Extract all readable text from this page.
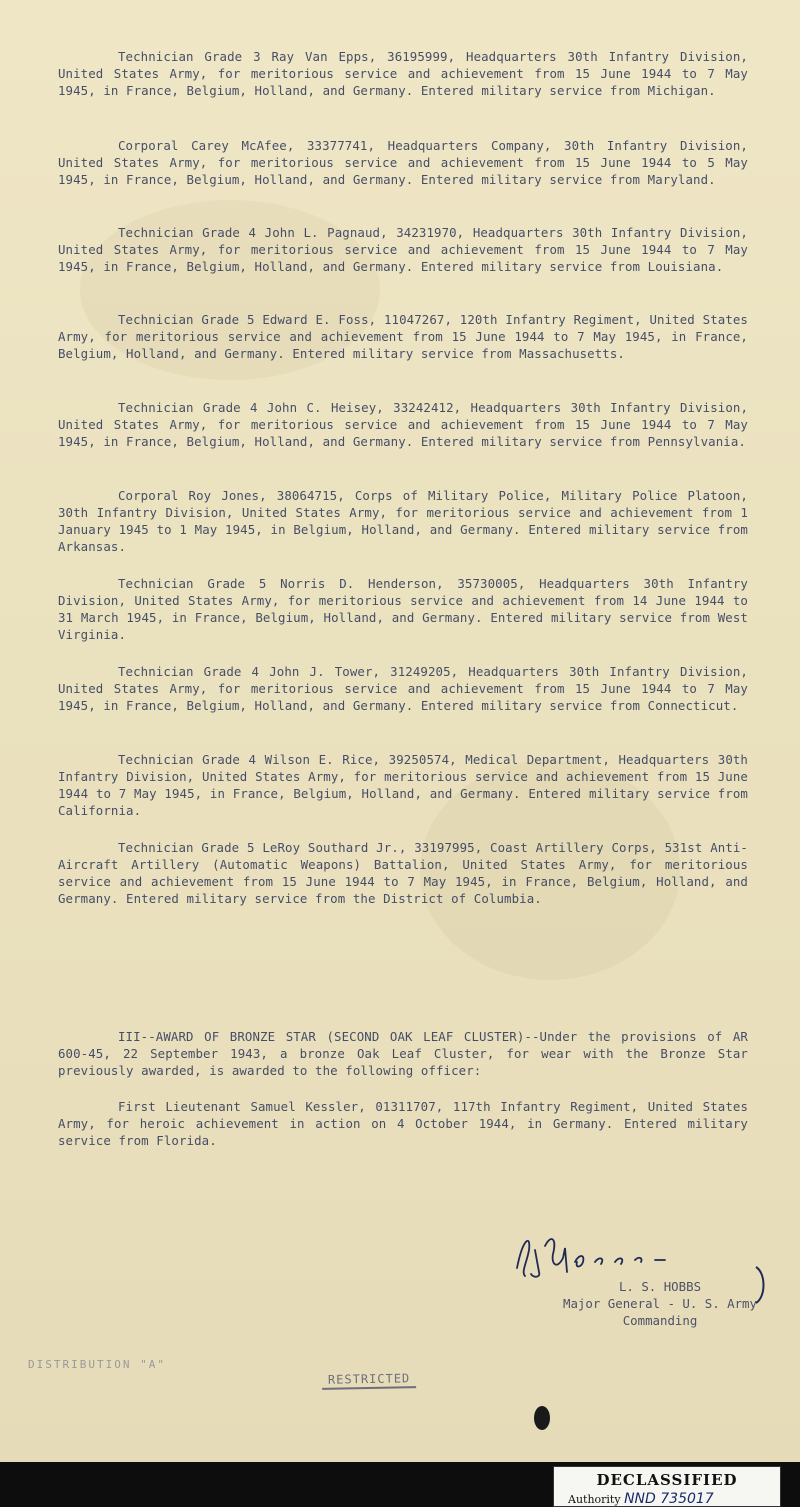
Technician Grade 3 Ray Van Epps, 36195999, Headquarters 30th Infantry Division, United States Army, for meritorious service and achievement from 15 June 1944 to 7 May 1945, in France, Belgium, Holland, and Germany. Entered military service from Michigan.

Corporal Carey McAfee, 33377741, Headquarters Company, 30th Infantry Division, United States Army, for meritorious service and achievement from 15 June 1944 to 5 May 1945, in France, Belgium, Holland, and Germany. Entered military service from Maryland.

Technician Grade 4 John L. Pagnaud, 34231970, Headquarters 30th Infantry Division, United States Army, for meritorious service and achievement from 15 June 1944 to 7 May 1945, in France, Belgium, Holland, and Germany. Entered military service from Louisiana.

Technician Grade 5 Edward E. Foss, 11047267, 120th Infantry Regiment, United States Army, for meritorious service and achievement from 15 June 1944 to 7 May 1945, in France, Belgium, Holland, and Germany. Entered military service from Massachusetts.

Technician Grade 4 John C. Heisey, 33242412, Headquarters 30th Infantry Division, United States Army, for meritorious service and achievement from 15 June 1944 to 7 May 1945, in France, Belgium, Holland, and Germany. Entered military service from Pennsylvania.

Corporal Roy Jones, 38064715, Corps of Military Police, Military Police Platoon, 30th Infantry Division, United States Army, for meritorious service and achievement from 1 January 1945 to 1 May 1945, in Belgium, Holland, and Germany. Entered military service from Arkansas.

Technician Grade 5 Norris D. Henderson, 35730005, Headquarters 30th Infantry Division, United States Army, for meritorious service and achievement from 14 June 1944 to 31 March 1945, in France, Belgium, Holland, and Germany. Entered military service from West Virginia.

Technician Grade 4 John J. Tower, 31249205, Headquarters 30th Infantry Division, United States Army, for meritorious service and achievement from 15 June 1944 to 7 May 1945, in France, Belgium, Holland, and Germany. Entered military service from Connecticut.

Technician Grade 4 Wilson E. Rice, 39250574, Medical Department, Headquarters 30th Infantry Division, United States Army, for meritorious service and achievement from 15 June 1944 to 7 May 1945, in France, Belgium, Holland, and Germany. Entered military service from California.

Technician Grade 5 LeRoy Southard Jr., 33197995, Coast Artillery Corps, 531st Anti-Aircraft Artillery (Automatic Weapons) Battalion, United States Army, for meritorious service and achievement from 15 June 1944 to 7 May 1945, in France, Belgium, Holland, and Germany. Entered military service from the District of Columbia.

III--AWARD OF BRONZE STAR (SECOND OAK LEAF CLUSTER)--Under the provisions of AR 600-45, 22 September 1943, a bronze Oak Leaf Cluster, for wear with the Bronze Star previously awarded, is awarded to the following officer:

First Lieutenant Samuel Kessler, 01311707, 117th Infantry Regiment, United States Army, for heroic achievement in action on 4 October 1944, in Germany. Entered military service from Florida.

L. S. HOBBS
Major General - U. S. Army
Commanding
DISTRIBUTION "A"
RESTRICTED
DECLASSIFIED
Authority NND 735017
